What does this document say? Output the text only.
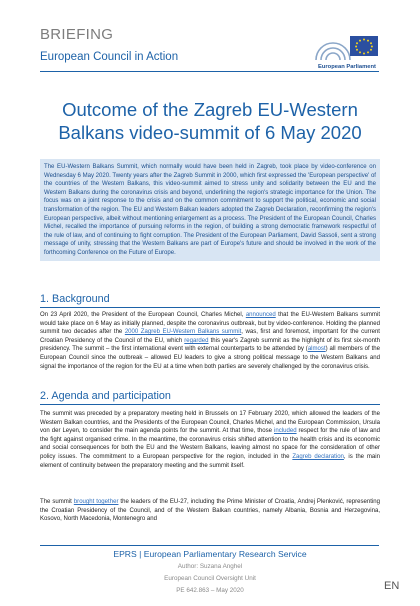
BRIEFING
European Council in Action
European Parliament
Outcome of the Zagreb EU-Western
Balkans video-summit of 6 May 2020
The EU-Western Balkans Summit, which normally would have been held in Zagreb, took place by video-conference on Wednesday 6 May 2020. Twenty years after the Zagreb Summit in 2000, which first expressed the 'European perspective' of the countries of the Western Balkans, this video-summit aimed to stress unity and solidarity between the EU and the Western Balkans during the coronavirus crisis and beyond, underlining the region's strategic importance for the Union. The focus was on a joint response to the crisis and on the common commitment to support the political, economic and social transformation of the region. The EU and Western Balkan leaders adopted the Zagreb Declaration, reconfirming the region's European perspective, albeit without mentioning enlargement as a process. The President of the European Council, Charles Michel, recalled the importance of pursuing reforms in the region, of building a strong democratic framework respectful of the rule of law, and of continuing to fight corruption. The President of the European Parliament, David Sassoli, sent a strong message of unity, stressing that the Western Balkans are part of Europe's future and should be involved in the work of the forthcoming Conference on the Future of Europe.
1. Background
On 23 April 2020, the President of the European Council, Charles Michel, announced that the EU-Western Balkans summit would take place on 6 May as initially planned, despite the coronavirus outbreak, but by video-conference. Holding the planned summit two decades after the 2000 Zagreb EU-Western Balkans summit, was, first and foremost, important for the current Croatian Presidency of the Council of the EU, which regarded this year's Zagreb summit as the highlight of its first six-month presidency. The summit – the first international event with external counterparts to be attended by (almost) all members of the European Council since the outbreak – allowed EU leaders to give a strong political message to the Western Balkans and signal the importance of the region for the EU at a time when both parties are severely challenged by the coronavirus crisis.
2. Agenda and participation
The summit was preceded by a preparatory meeting held in Brussels on 17 February 2020, which allowed the leaders of the Western Balkan countries, and the Presidents of the European Council, Charles Michel, and the European Commission, Ursula von der Leyen, to consider the main agenda points for the summit. At that time, those included respect for the rule of law and the fight against organised crime. In the meantime, the coronavirus crisis shifted attention to the health crisis and its economic and social consequences for both the EU and the Western Balkans, leaving almost no space for the consideration of other policy issues. The commitment to a European perspective for the region, included in the Zagreb declaration, is the main element of continuity between the preparatory meeting and the summit itself.
The summit brought together the leaders of the EU-27, including the Prime Minister of Croatia, Andrej Plenković, representing the Croatian Presidency of the Council, and of the Western Balkan countries, namely Albania, Bosnia and Herzegovina, Kosovo, North Macedonia, Montenegro and
EPRS | European Parliamentary Research Service
Author: Suzana Anghel
European Council Oversight Unit
PE 642.863 – May 2020	EN
